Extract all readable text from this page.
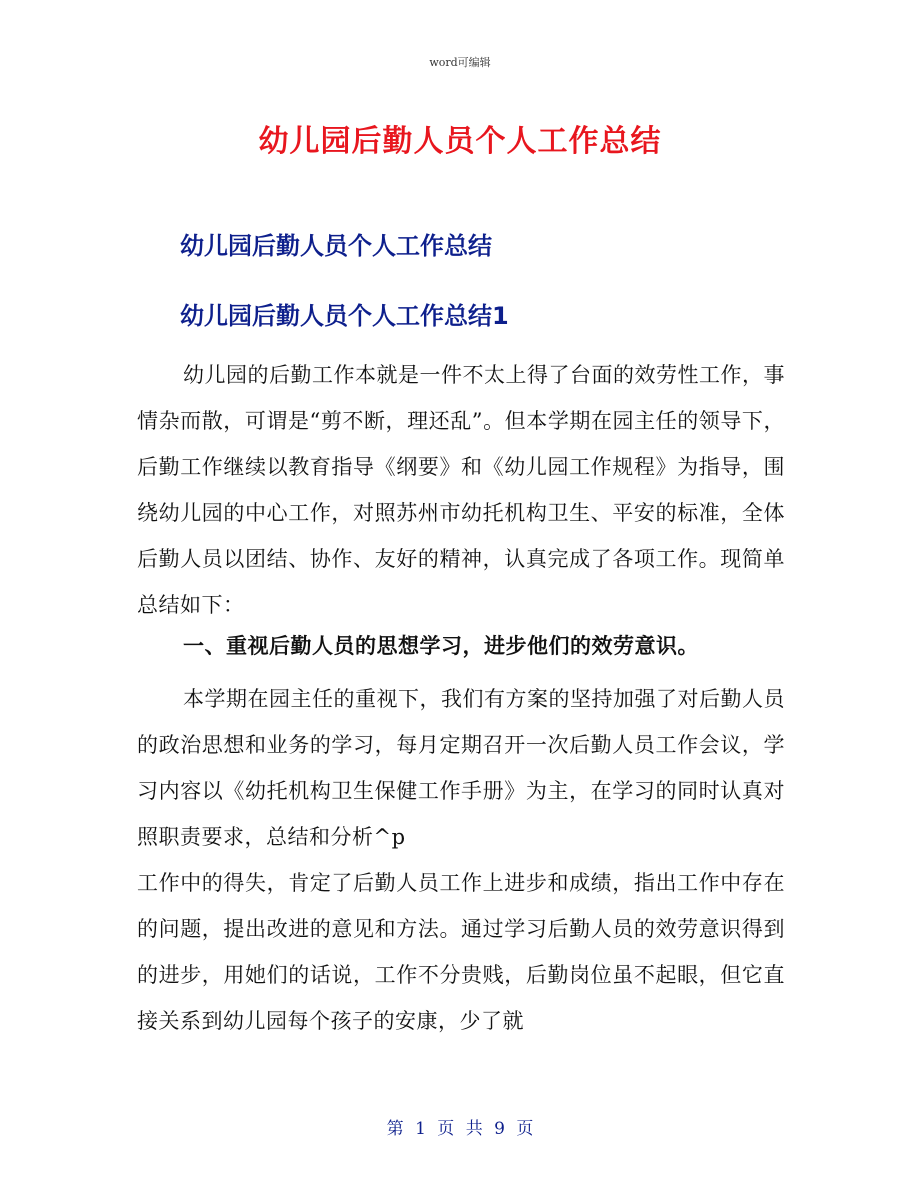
word可编辑
幼儿园后勤人员个人工作总结
幼儿园后勤人员个人工作总结
幼儿园后勤人员个人工作总结1
幼儿园的后勤工作本就是一件不太上得了台面的效劳性工作，事情杂而散，可谓是“剪不断，理还乱”。但本学期在园主任的领导下，后勤工作继续以教育指导《纲要》和《幼儿园工作规程》为指导，围绕幼儿园的中心工作，对照苏州市幼托机构卫生、平安的标准，全体后勤人员以团结、协作、友好的精神，认真完成了各项工作。现简单总结如下：
一、重视后勤人员的思想学习，进步他们的效劳意识。
本学期在园主任的重视下，我们有方案的坚持加强了对后勤人员的政治思想和业务的学习，每月定期召开一次后勤人员工作会议，学习内容以《幼托机构卫生保健工作手册》为主，在学习的同时认真对照职责要求，总结和分析^p
工作中的得失，肯定了后勤人员工作上进步和成绩，指出工作中存在的问题，提出改进的意见和方法。通过学习后勤人员的效劳意识得到的进步，用她们的话说，工作不分贵贱，后勤岗位虽不起眼，但它直接关系到幼儿园每个孩子的安康，少了就
第 1 页 共 9 页
